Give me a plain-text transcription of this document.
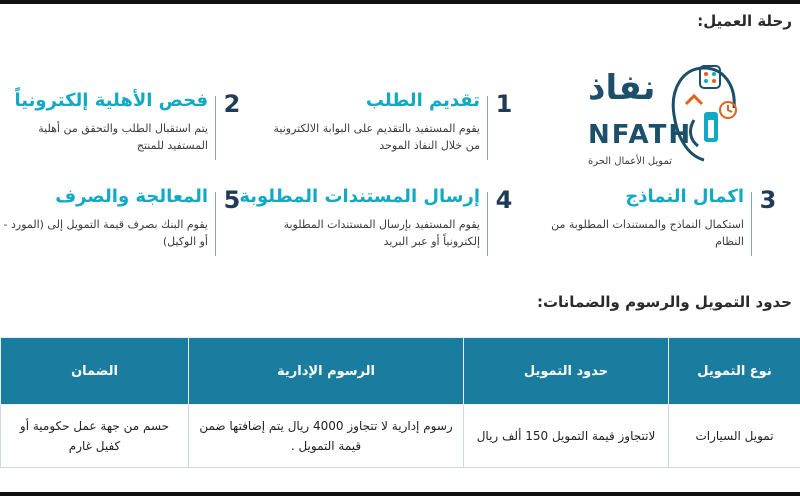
رحلة العميل:
نفاذ
NFATH
تمويل الأعمال الحرة
1
تقديم الطلب
يقوم المستفيد بالتقديم على البوابة الالكترونية من خلال النفاذ الموحد
2
فحص الأهلية إلكترونياً
يتم استقبال الطلب والتحقق من أهلية المستفيد للمنتج
3
اكمال النماذج
استكمال النماذج والمستندات المطلوبة من النظام
4
إرسال المستندات المطلوبة
يقوم المستفيد بإرسال المستندات المطلوبة إلكترونياً أو عبر البريد
5
المعالجة والصرف
يقوم البنك بصرف قيمة التمويل إلى (المورد - أو الوكيل)
حدود التمويل والرسوم والضمانات:
نوع التمويل	حدود التمويل	الرسوم الإدارية	الضمان
تمويل السيارات	لاتتجاوز قيمة التمويل 150 ألف ريال	رسوم إدارية لا تتجاوز 4000 ريال يتم إضافتها ضمن قيمة التمويل .	حسم من جهة عمل حكومية أو كفيل غارم
